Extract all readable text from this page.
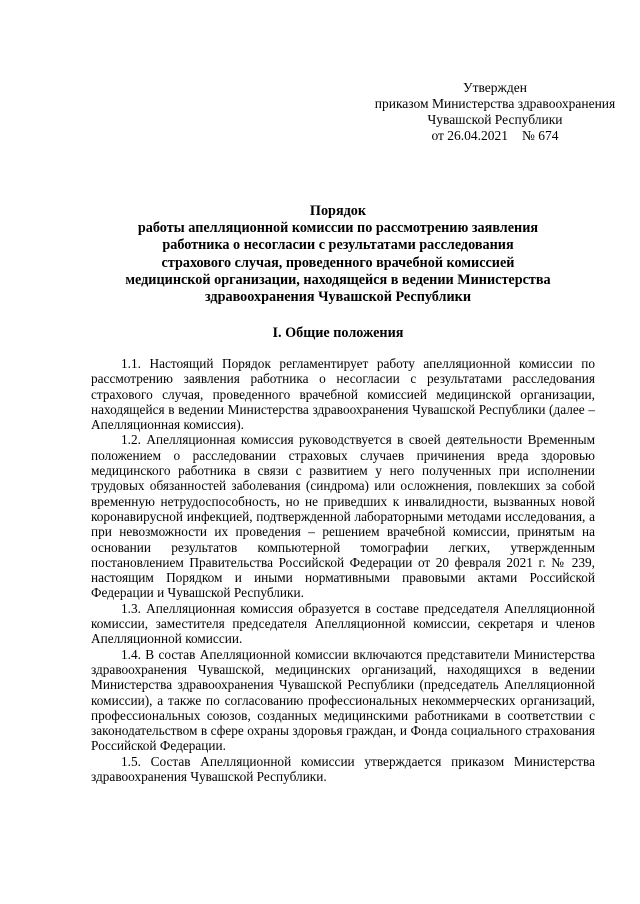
Утвержден
приказом Министерства здравоохранения
Чувашской Республики
от 26.04.2021 № 674
Порядок
работы апелляционной комиссии по рассмотрению заявления
работника о несогласии с результатами расследования
страхового случая, проведенного врачебной комиссией
медицинской организации, находящейся в ведении Министерства
здравоохранения Чувашской Республики
I. Общие положения

1.1. Настоящий Порядок регламентирует работу апелляционной комиссии по рассмотрению заявления работника о несогласии с результатами расследования страхового случая, проведенного врачебной комиссией медицинской организации, находящейся в ведении Министерства здравоохранения Чувашской Республики (далее – Апелляционная комиссия).

1.2. Апелляционная комиссия руководствуется в своей деятельности Временным положением о расследовании страховых случаев причинения вреда здоровью медицинского работника в связи с развитием у него полученных при исполнении трудовых обязанностей заболевания (синдрома) или осложнения, повлекших за собой временную нетрудоспособность, но не приведших к инвалидности, вызванных новой коронавирусной инфекцией, подтвержденной лабораторными методами исследования, а при невозможности их проведения – решением врачебной комиссии, принятым на основании результатов компьютерной томографии легких, утвержденным постановлением Правительства Российской Федерации от 20 февраля 2021 г. № 239, настоящим Порядком и иными нормативными правовыми актами Российской Федерации и Чувашской Республики.

1.3. Апелляционная комиссия образуется в составе председателя Апелляционной комиссии, заместителя председателя Апелляционной комиссии, секретаря и членов Апелляционной комиссии.

1.4. В состав Апелляционной комиссии включаются представители Министерства здравоохранения Чувашской, медицинских организаций, находящихся в ведении Министерства здравоохранения Чувашской Республики (председатель Апелляционной комиссии), а также по согласованию профессиональных некоммерческих организаций, профессиональных союзов, созданных медицинскими работниками в соответствии с законодательством в сфере охраны здоровья граждан, и Фонда социального страхования Российской Федерации.

1.5. Состав Апелляционной комиссии утверждается приказом Министерства здравоохранения Чувашской Республики.
